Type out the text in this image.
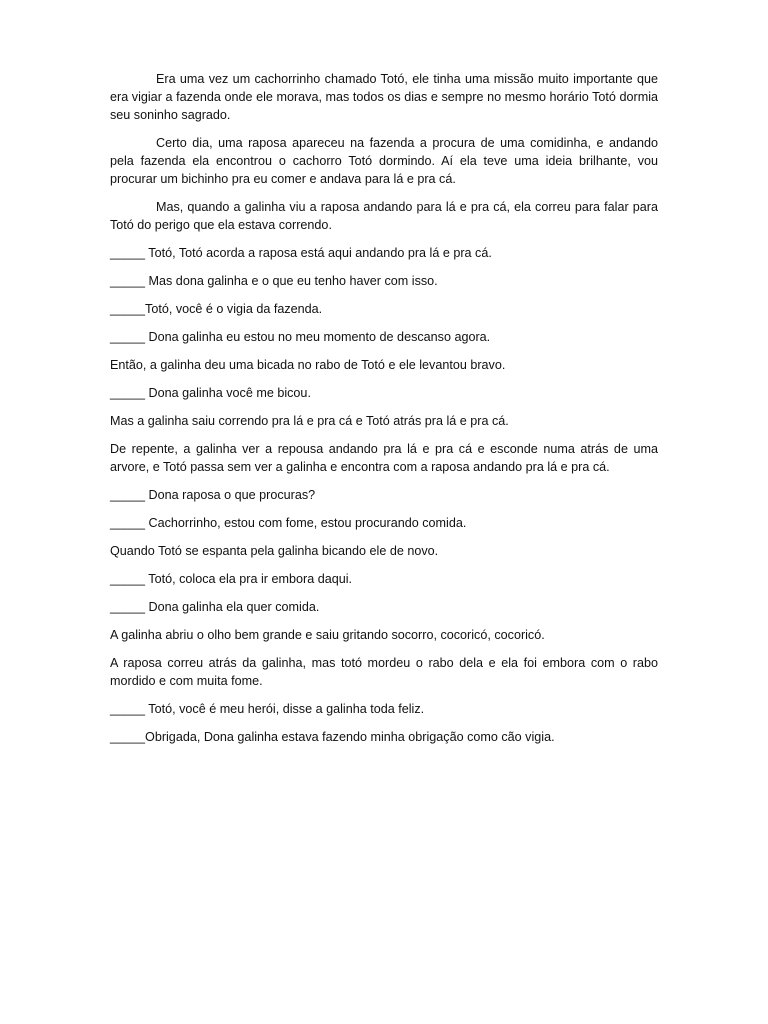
Era uma vez um cachorrinho chamado Totó, ele tinha uma missão muito importante que era vigiar a fazenda onde ele morava, mas todos os dias e sempre no mesmo horário Totó dormia seu soninho sagrado.

Certo dia, uma raposa apareceu na fazenda a procura de uma comidinha, e andando pela fazenda ela encontrou o cachorro Totó dormindo. Aí ela teve uma ideia brilhante, vou procurar um bichinho pra eu comer e andava para lá e pra cá.

Mas, quando a galinha viu a raposa andando para lá e pra cá, ela correu para falar para Totó do perigo que ela estava correndo.

_____ Totó, Totó acorda a raposa está aqui andando pra lá e pra cá.

_____ Mas dona galinha e o que eu tenho haver com isso.

_____Totó, você é o vigia da fazenda.

_____ Dona galinha eu estou no meu momento de descanso agora.

Então, a galinha deu uma bicada no rabo de Totó e ele levantou bravo.

_____ Dona galinha você me bicou.

Mas a galinha saiu correndo pra lá e pra cá e Totó atrás pra lá e pra cá.

De repente, a galinha ver a repousa andando pra lá e pra cá e esconde numa atrás de uma arvore, e Totó passa sem ver a galinha e encontra com a raposa andando pra lá e pra cá.

_____ Dona raposa o que procuras?

_____ Cachorrinho, estou com fome, estou procurando comida.

Quando Totó se espanta pela galinha bicando ele de novo.

_____ Totó, coloca ela pra ir embora daqui.

_____ Dona galinha ela quer comida.

A galinha abriu o olho bem grande e saiu gritando socorro, cocoricó, cocoricó.

A raposa correu atrás da galinha, mas totó mordeu o rabo dela e ela foi embora com o rabo mordido e com muita fome.

_____ Totó, você é meu herói, disse a galinha toda feliz.

_____Obrigada, Dona galinha estava fazendo minha obrigação como cão vigia.
